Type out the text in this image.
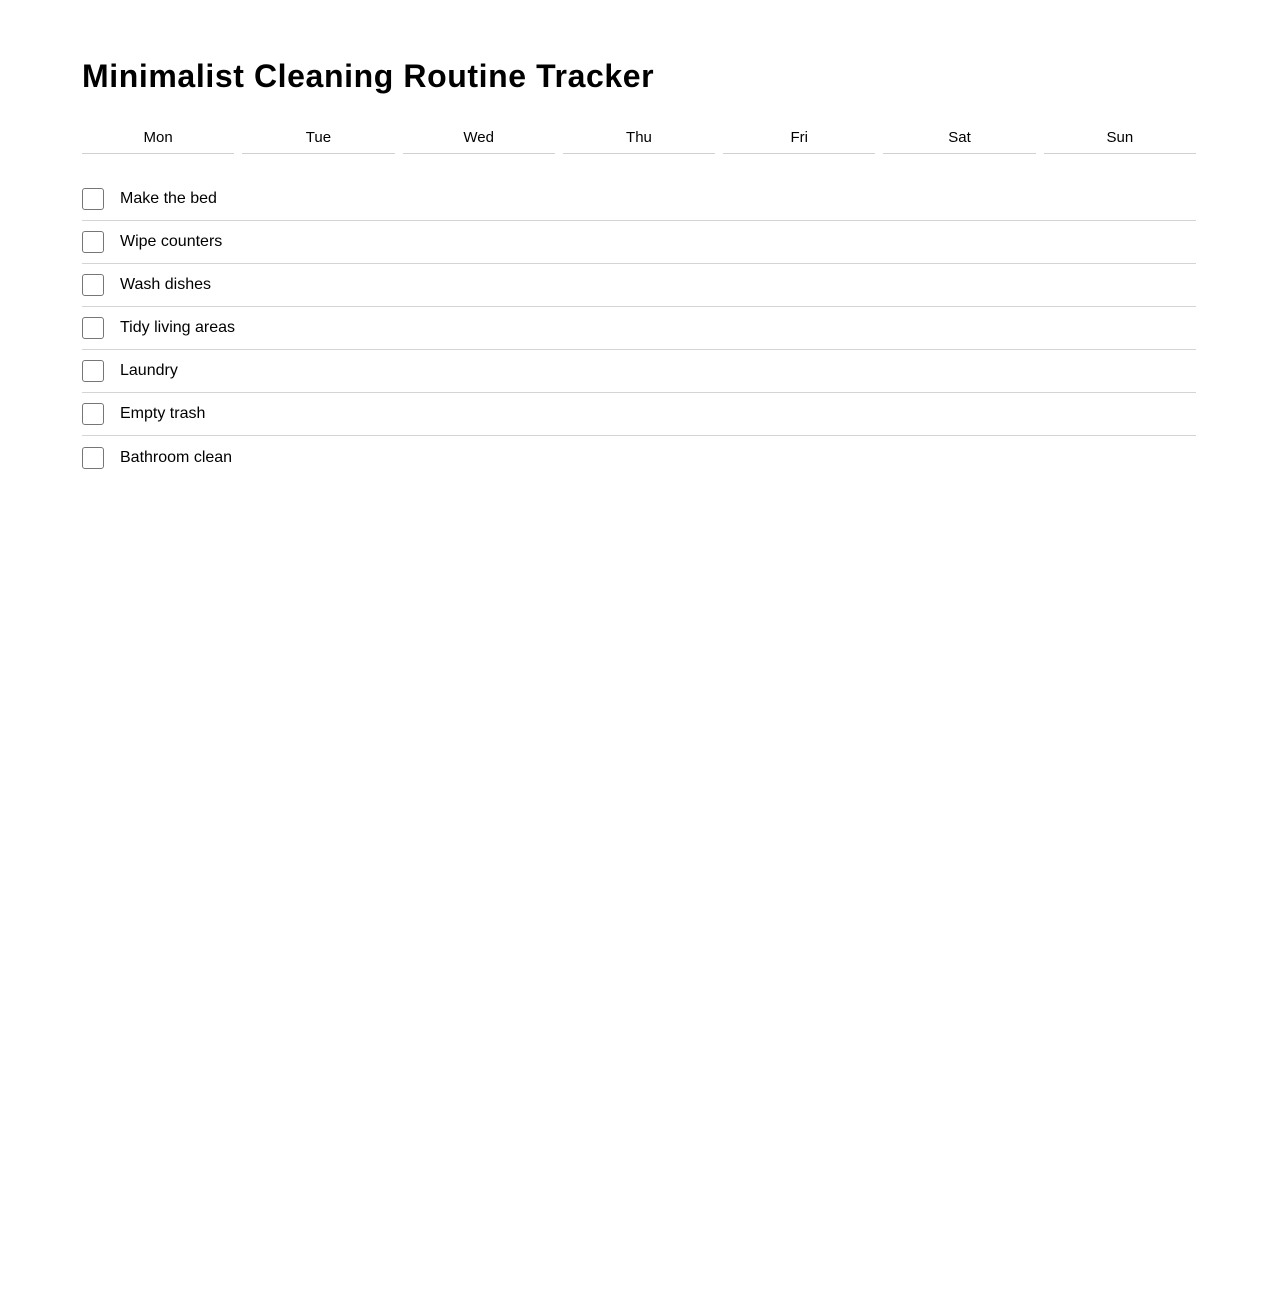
Minimalist Cleaning Routine Tracker
Mon	Tue	Wed	Thu	Fri	Sat	Sun
Make the bed
Wipe counters
Wash dishes
Tidy living areas
Laundry
Empty trash
Bathroom clean
